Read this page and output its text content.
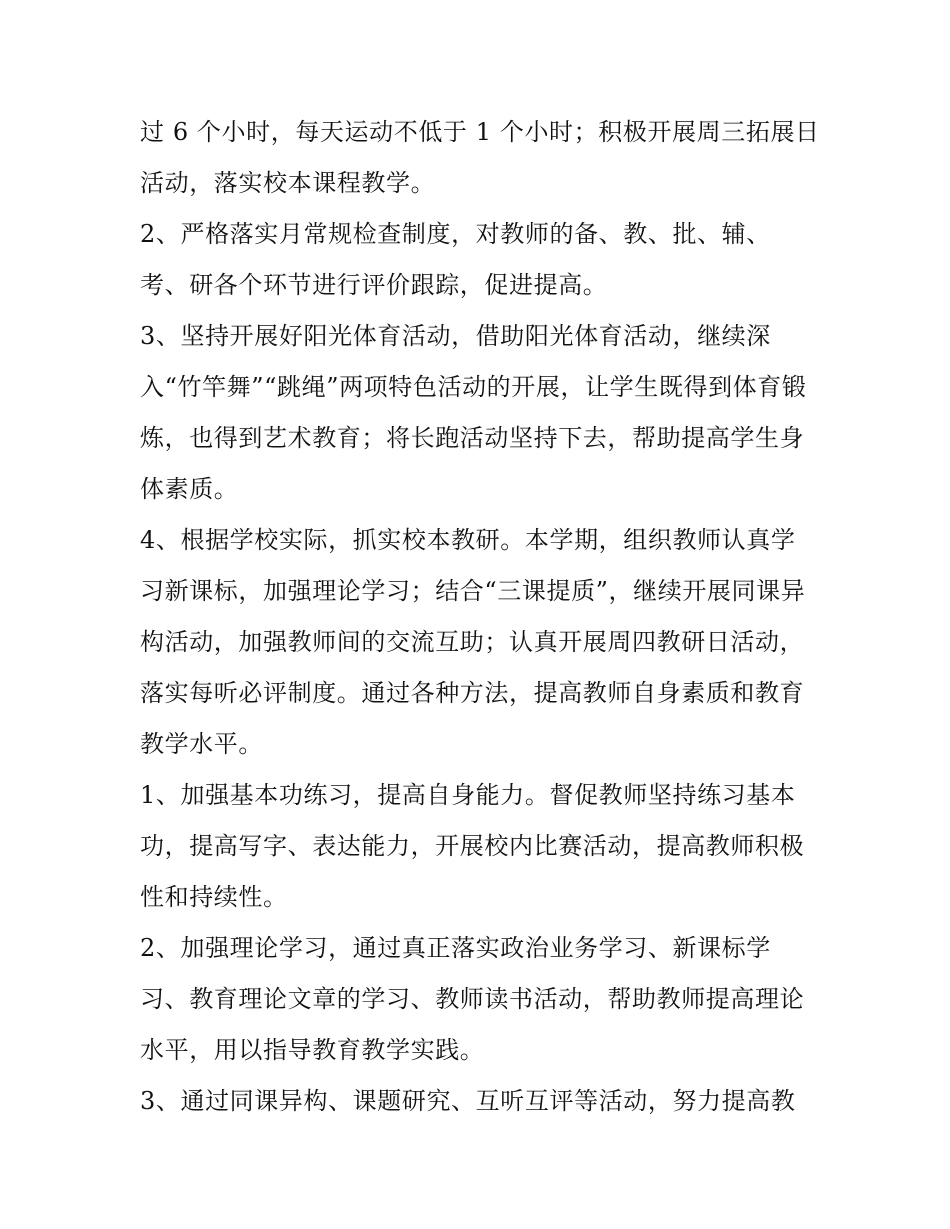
过 6 个小时，每天运动不低于 1 个小时；积极开展周三拓展日
活动，落实校本课程教学。
2、严格落实月常规检查制度，对教师的备、教、批、辅、
考、研各个环节进行评价跟踪，促进提高。
3、坚持开展好阳光体育活动，借助阳光体育活动，继续深
入“竹竿舞”“跳绳”两项特色活动的开展，让学生既得到体育锻
炼，也得到艺术教育；将长跑活动坚持下去，帮助提高学生身
体素质。
4、根据学校实际，抓实校本教研。本学期，组织教师认真学
习新课标，加强理论学习；结合“三课提质”，继续开展同课异
构活动，加强教师间的交流互助；认真开展周四教研日活动，
落实每听必评制度。通过各种方法，提高教师自身素质和教育
教学水平。
1、加强基本功练习，提高自身能力。督促教师坚持练习基本
功，提高写字、表达能力，开展校内比赛活动，提高教师积极
性和持续性。
2、加强理论学习，通过真正落实政治业务学习、新课标学
习、教育理论文章的学习、教师读书活动，帮助教师提高理论
水平，用以指导教育教学实践。
3、通过同课异构、课题研究、互听互评等活动，努力提高教
